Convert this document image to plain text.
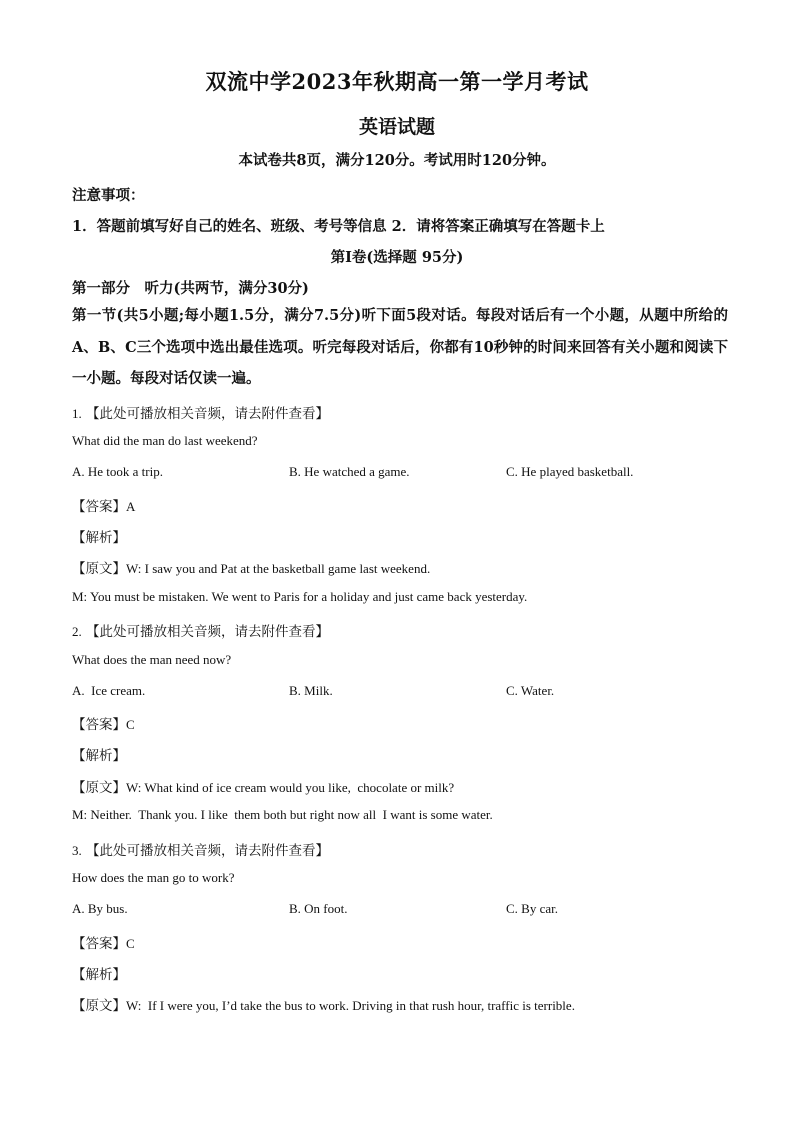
双流中学2023年秋期高一第一学月考试
英语试题
本试卷共8页，满分120分。考试用时120分钟。
注意事项：
1．答题前填写好自己的姓名、班级、考号等信息 2．请将答案正确填写在答题卡上
第I卷(选择题 95分)
第一部分　听力(共两节，满分30分)
第一节(共5小题;每小题1.5分，满分7.5分)听下面5段对话。每段对话后有一个小题，从题中所给的A、B、C三个选项中选出最佳选项。听完每段对话后，你都有10秒钟的时间来回答有关小题和阅读下一小题。每段对话仅读一遍。
1. 【此处可播放相关音频，请去附件查看】
What did the man do last weekend?
A. He took a trip.	B. He watched a game.	C. He played basketball.
【答案】A
【解析】
【原文】W: I saw you and Pat at the basketball game last weekend.
M: You must be mistaken. We went to Paris for a holiday and just came back yesterday.
2. 【此处可播放相关音频，请去附件查看】
What does the man need now?
A.  Ice cream.	B. Milk.	C. Water.
【答案】C
【解析】
【原文】W: What kind of ice cream would you like,  chocolate or milk?
M: Neither.  Thank you. I like  them both but right now all  I want is some water.
3. 【此处可播放相关音频，请去附件查看】
How does the man go to work?
A. By bus.	B. On foot.	C. By car.
【答案】C
【解析】
【原文】W:  If I were you, I’d take the bus to work. Driving in that rush hour, traffic is terrible.
